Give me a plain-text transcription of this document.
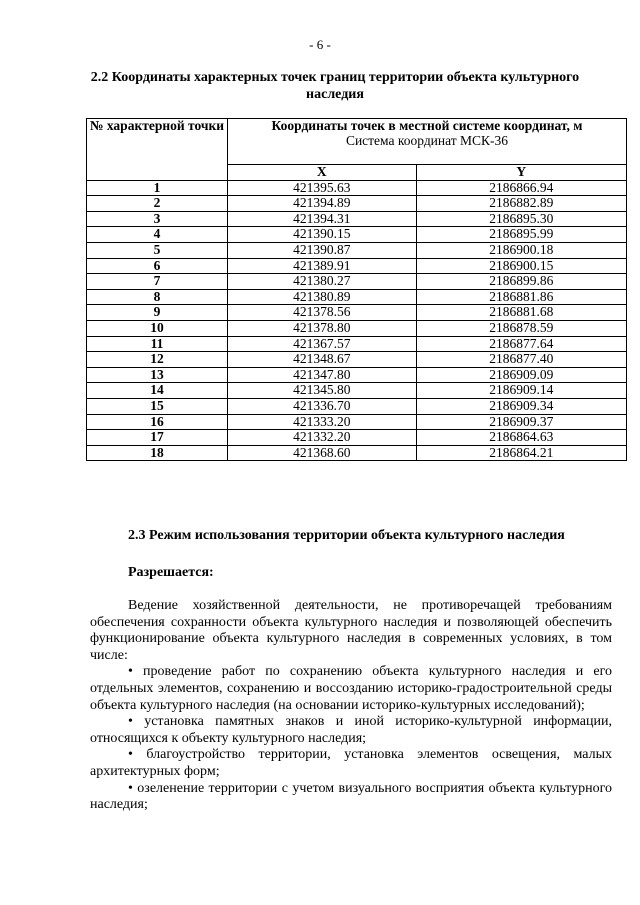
- 6 -
2.2 Координаты характерных точек границ территории объекта культурного наследия
№ характерной точки	Координаты точек в местной системе координат, м
Система координат МСК-36	

	X	Y
1	421395.63	2186866.94
2	421394.89	2186882.89
3	421394.31	2186895.30
4	421390.15	2186895.99
5	421390.87	2186900.18
6	421389.91	2186900.15
7	421380.27	2186899.86
8	421380.89	2186881.86
9	421378.56	2186881.68
10	421378.80	2186878.59
11	421367.57	2186877.64
12	421348.67	2186877.40
13	421347.80	2186909.09
14	421345.80	2186909.14
15	421336.70	2186909.34
16	421333.20	2186909.37
17	421332.20	2186864.63
18	421368.60	2186864.21
2.3 Режим использования территории объекта культурного наследия
Разрешается:

Ведение хозяйственной деятельности, не противоречащей требованиям обеспечения сохранности объекта культурного наследия и позволяющей обеспечить функционирование объекта культурного наследия в современных условиях, в том числе:

• проведение работ по сохранению объекта культурного наследия и его отдельных элементов, сохранению и воссозданию историко-градостроительной среды объекта культурного наследия (на основании историко-культурных исследований);

• установка памятных знаков и иной историко-культурной информации, относящихся к объекту культурного наследия;

• благоустройство территории, установка элементов освещения, малых архитектурных форм;

• озеленение территории с учетом визуального восприятия объекта культурного наследия;
